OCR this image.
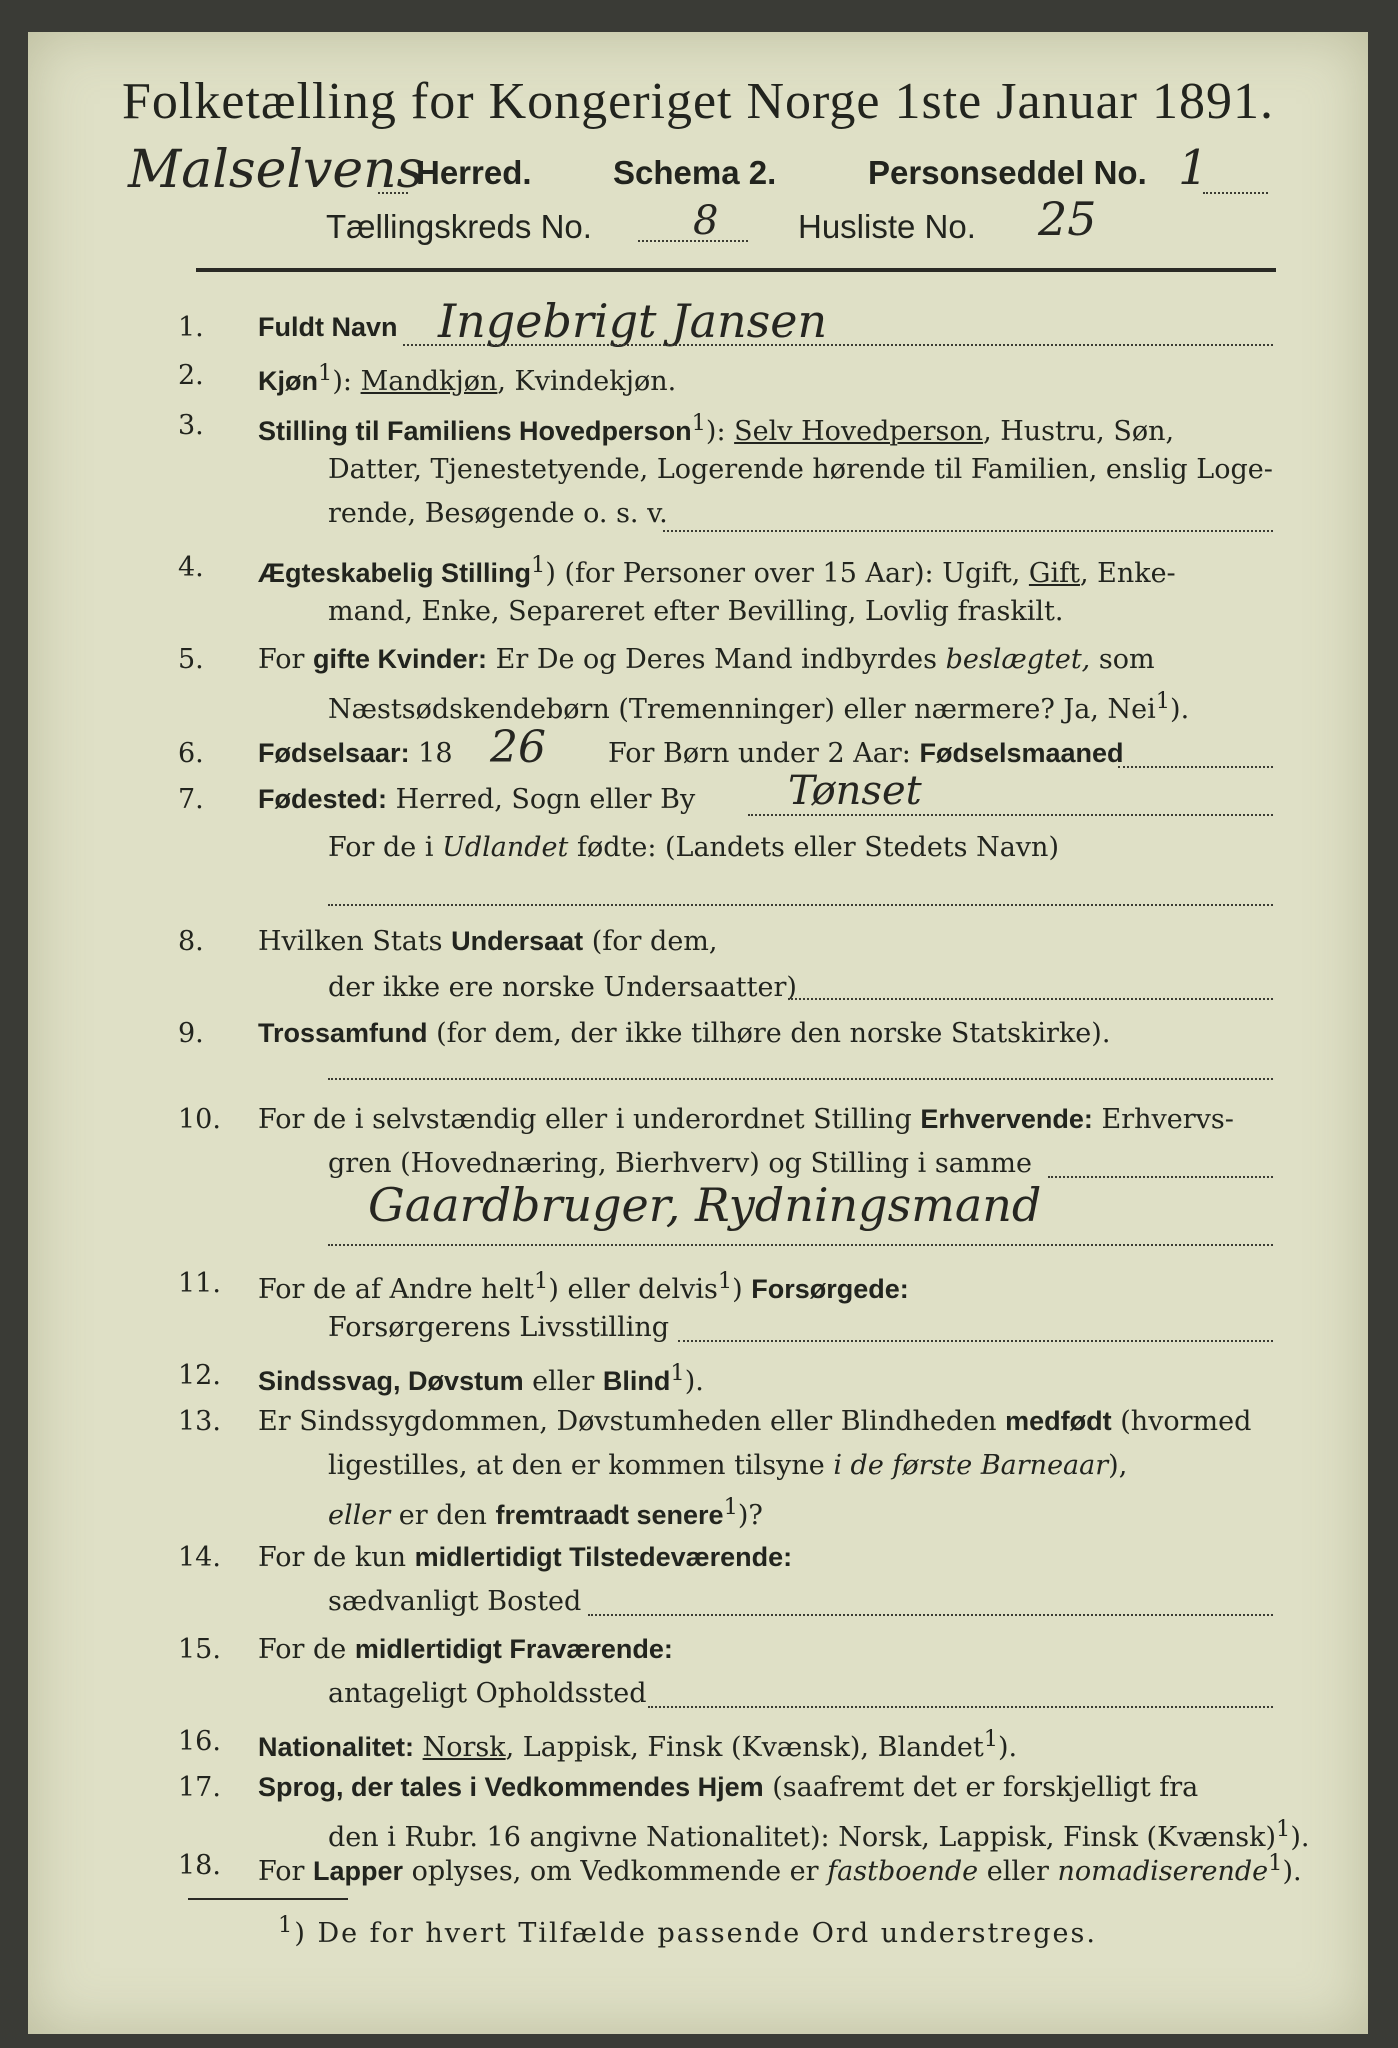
Folketælling for Kongeriget Norge 1ste Januar 1891.
Malselvens
Herred. Schema 2.	Personseddel No. 1
Tællingskreds No.	8 Husliste No. 25
1.	Fuldt Navn Ingebrigt Jansen
2.	Kjøn$^1$): Mandkjøn, Kvindekjøn.
3.	Stilling til Familiens Hovedperson$^1$): Selv Hovedperson, Hustru, Søn,
Datter, Tjenestetyende, Logerende hørende til Familien, enslig Loge-
rende, Besøgende o. s. v.
4.	Ægteskabelig Stilling$^1$) (for Personer over 15 Aar): Ugift, Gift, Enke-
mand, Enke, Separeret efter Bevilling, Lovlig fraskilt.
5.	For gifte Kvinder: Er De og Deres Mand indbyrdes beslægtet, som
Næstsødskendebørn (Tremenninger) eller nærmere? Ja, Nei$^1$).
6.	Fødselsaar: 18 26 For Børn under 2 Aar: Fødselsmaaned
7.	Fødested: Herred, Sogn eller By Tønset
For de i Udlandet fødte: (Landets eller Stedets Navn)
8.	Hvilken Stats Undersaat (for dem,
der ikke ere norske Undersaatter)
9.	Trossamfund (for dem, der ikke tilhøre den norske Statskirke).
10.	For de i selvstændig eller i underordnet Stilling Erhvervende: Erhvervs-
gren (Hovednæring, Bierhverv) og Stilling i samme
Gaardbruger, Rydningsmand
11.	For de af Andre helt$^1$) eller delvis$^1$) Forsørgede:
Forsørgerens Livsstilling
12.	Sindssvag, Døvstum eller Blind$^1$).
13.	Er Sindssygdommen, Døvstumheden eller Blindheden medfødt (hvormed
ligestilles, at den er kommen tilsyne i de første Barneaar),
eller er den fremtraadt senere$^1$)?
14.	For de kun midlertidigt Tilstedeværende:
sædvanligt Bosted
15.	For de midlertidigt Fraværende:
antageligt Opholdssted
16.	Nationalitet: Norsk, Lappisk, Finsk (Kvænsk), Blandet$^1$).
17.	Sprog, der tales i Vedkommendes Hjem (saafremt det er forskjelligt fra
den i Rubr. 16 angivne Nationalitet): Norsk, Lappisk, Finsk (Kvænsk)$^1$).
18.	For Lapper oplyses, om Vedkommende er fastboende eller nomadiserende$^1$).
$^1$) De for hvert Tilfælde passende Ord understreges.
